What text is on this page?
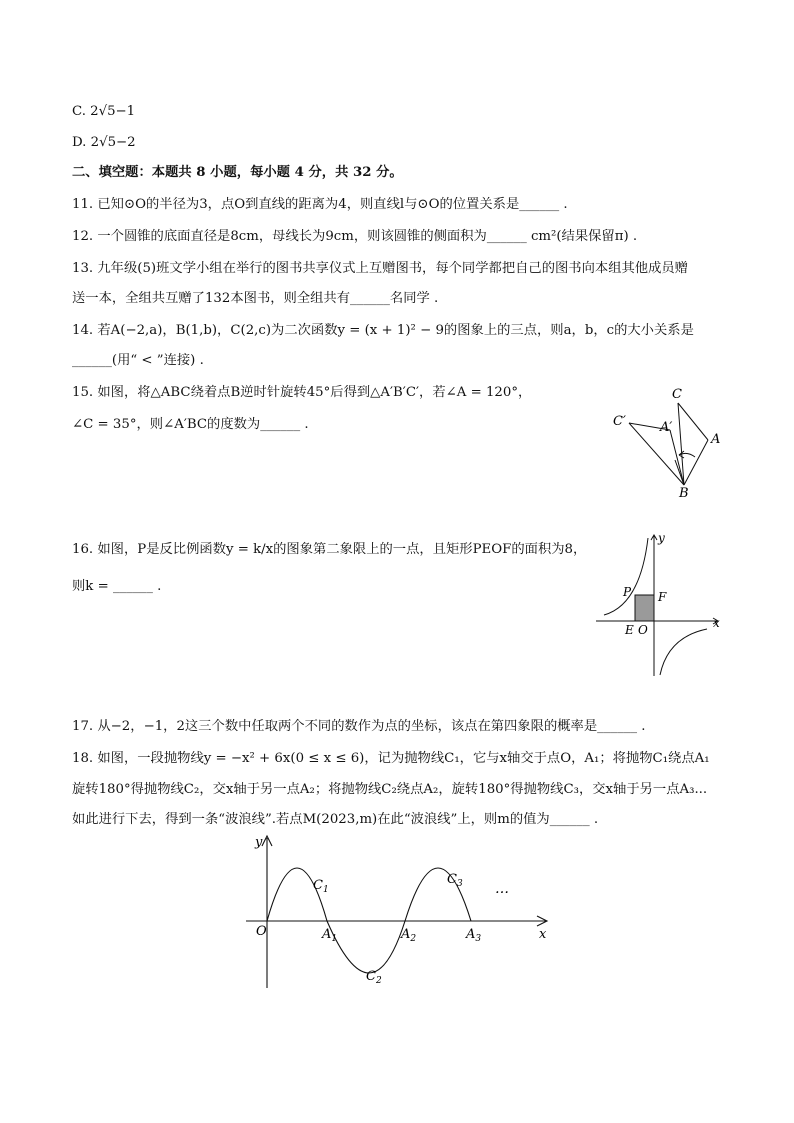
C. 2√5−1
D. 2√5−2
二、填空题：本题共 8 小题，每小题 4 分，共 32 分。
11. 已知⊙O的半径为3，点O到直线的距离为4，则直线l与⊙O的位置关系是______ .
12. 一个圆锥的底面直径是8cm，母线长为9cm，则该圆锥的侧面积为______ cm²(结果保留π) .
13. 九年级(5)班文学小组在举行的图书共享仪式上互赠图书，每个同学都把自己的图书向本组其他成员赠
送一本，全组共互赠了132本图书，则全组共有______名同学 .
14. 若A(−2,a)，B(1,b)，C(2,c)为二次函数y = (x + 1)² − 9的图象上的三点，则a，b，c的大小关系是
______(用“ < ”连接) .
15. 如图，将△ABC绕着点B逆时针旋转45°后得到△A′B′C′，若∠A = 120°，
∠C = 35°，则∠A′BC的度数为______ .
C
C′	A′
A
B
16. 如图，P是反比例函数y = k/x的图象第二象限上的一点，且矩形PEOF的面积为8，
则k = ______ .
y
x
P F
E O
17. 从−2，−1，2这三个数中任取两个不同的数作为点的坐标，该点在第四象限的概率是______ .
18. 如图，一段抛物线y = −x² + 6x(0 ≤ x ≤ 6)，记为抛物线C₁，它与x轴交于点O，A₁；将抛物C₁绕点A₁
旋转180°得抛物线C₂，交x轴于另一点A₂；将抛物线C₂绕点A₂，旋转180°得抛物线C₃，交x轴于另一点A₃...
如此进行下去，得到一条“波浪线”.若点M(2023,m)在此“波浪线”上，则m的值为______ .
y
x
O
$C_1$
$C_2$
$C_3$
$A_1$	$A_2$	$A_3$
…
